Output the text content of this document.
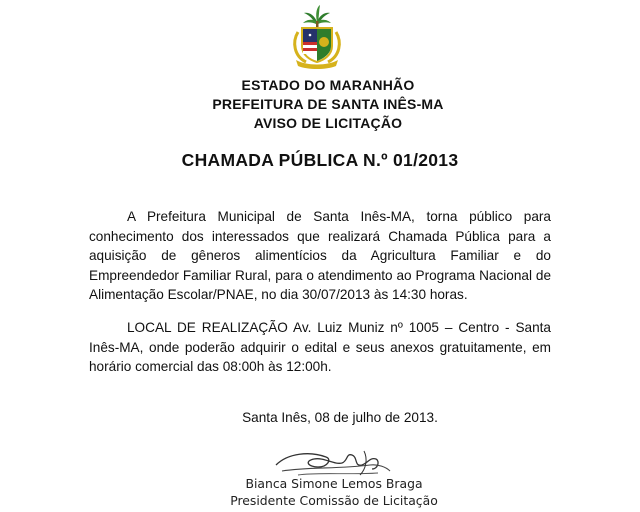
ESTADO DO MARANHÃO
PREFEITURA DE SANTA INÊS-MA
AVISO DE LICITAÇÃO
CHAMADA PÚBLICA N.º 01/2013

A Prefeitura Municipal de Santa Inês-MA, torna público para conhecimento dos interessados que realizará Chamada Pública para a aquisição de gêneros alimentícios da Agricultura Familiar e do Empreendedor Familiar Rural, para o atendimento ao Programa Nacional de Alimentação Escolar/PNAE, no dia 30/07/2013 às 14:30 horas.

LOCAL DE REALIZAÇÃO Av. Luiz Muniz nº 1005 – Centro - Santa Inês-MA, onde poderão adquirir o edital e seus anexos gratuitamente, em horário comercial das 08:00h às 12:00h.

Santa Inês, 08 de julho de 2013.
Bianca Simone Lemos Braga
Presidente Comissão de Licitação
